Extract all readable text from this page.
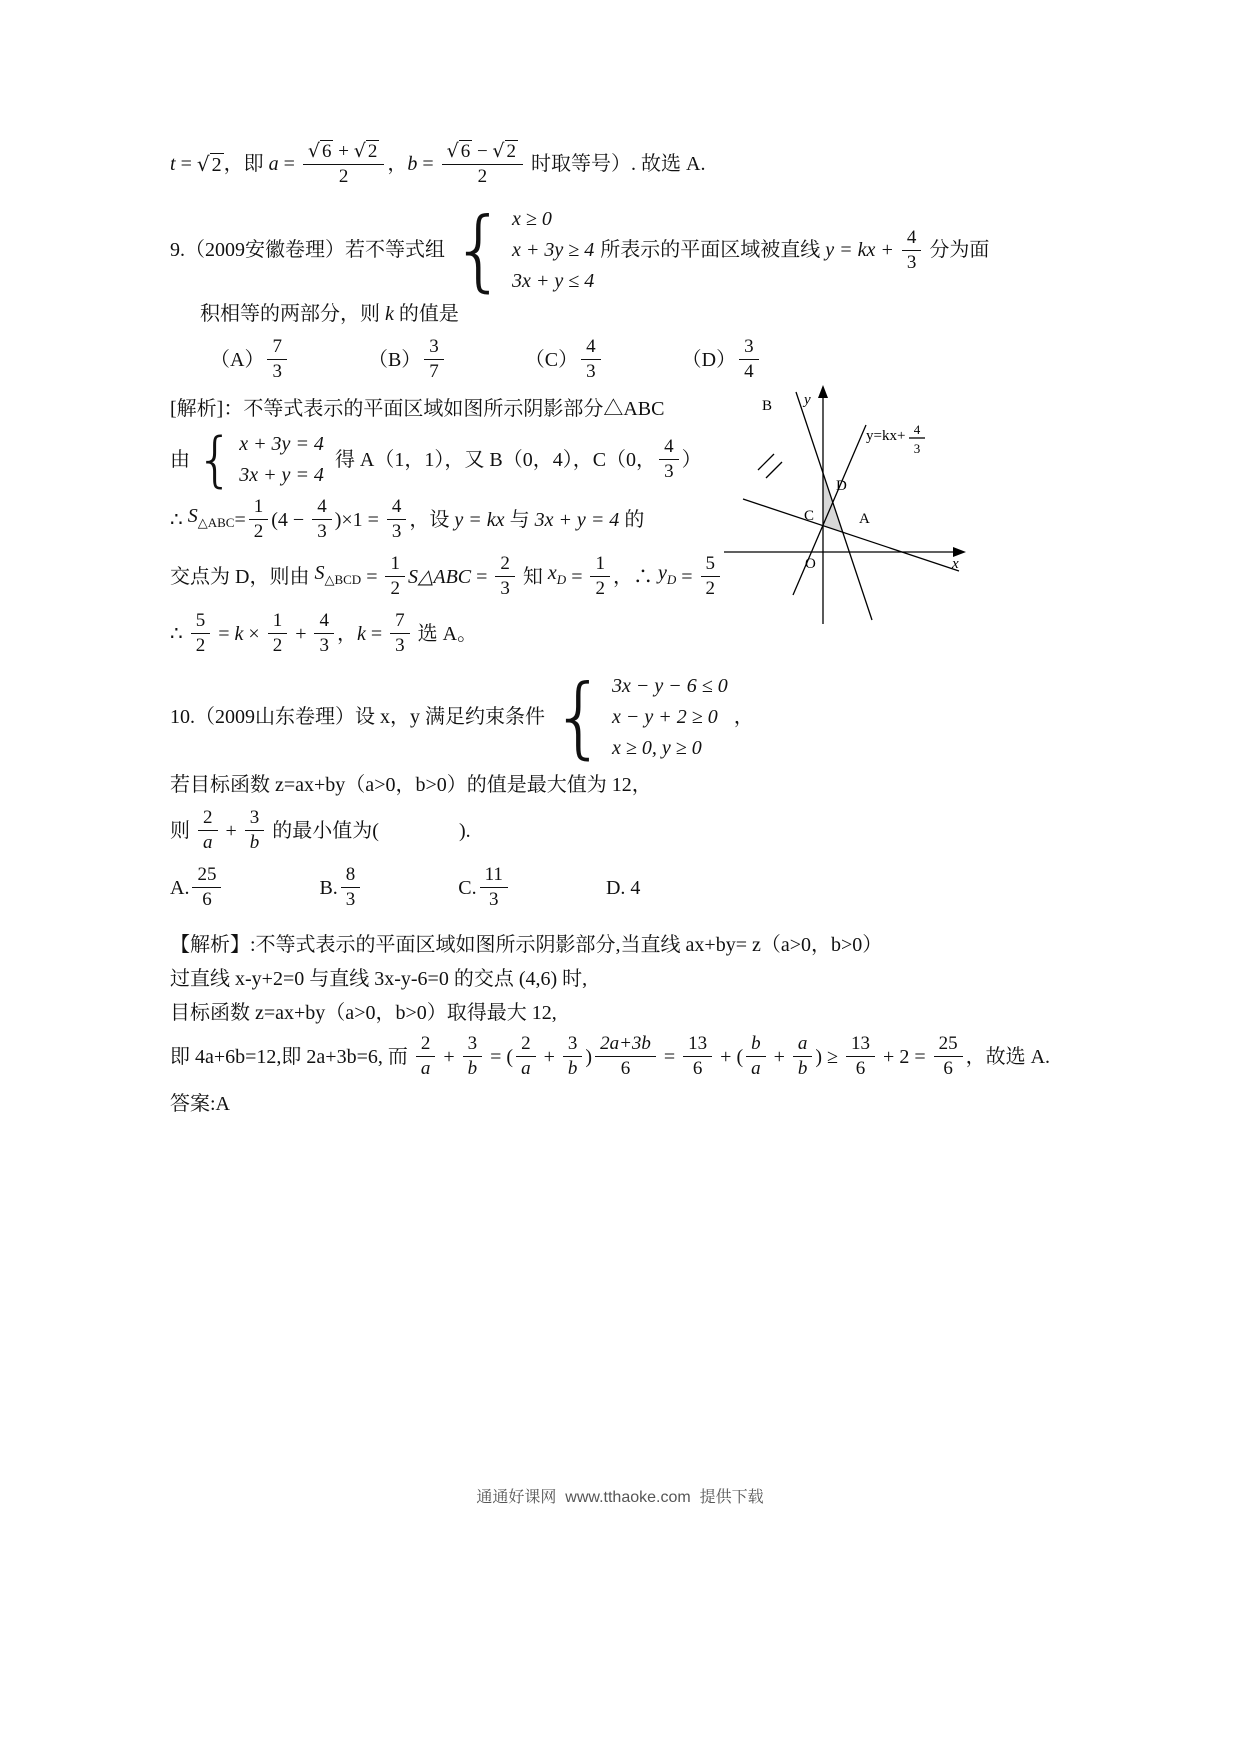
t = √ 2 ，即 $a = \frac{√ 6 + √ 2}{2}$ ， $b = \frac{√ 6 - √ 2}{2}$ 时取等号）. 故选 A.
9.（2009安徽卷理）若不等式组 { x ≥ 0
x + 3y ≥ 4
3x + y ≤ 4
所表示的平面区域被直线 y = kx + $\frac{4}{3}$ 分为面
积相等的两部分，则 k 的值是
$(A) \frac{7}{3}$	$(B) \frac{3}{7}$	$(C) \frac{4}{3}$	$(D) \frac{3}{4}$
[解析]：不等式表示的平面区域如图所示阴影部分△ABC
由 { x + 3y = 4
3x + y = 4
得 A（1，1），又 B（0，4），C（0， $\frac{4}{3}$ ）
∴ $S_{\triangle ABC} = \frac{1}{2} (4 - \frac{4}{3} )\times 1 = \frac{4}{3}$ ，设 y = kx 与 3x + y = 4 的
交点为 D，则由 $S_{\triangle BCD} = \frac{1}{2}$ S△ABC = $\frac{2}{3}$ 知 $x_D = \frac{1}{2}$ ，∴ $y_D = \frac{5}{2}$
∴ $\frac{5}{2} = k \times \frac{1}{2} + \frac{4}{3}$ ， $k = \frac{7}{3}$ 选 A。
10.（2009山东卷理）设 x，y 满足约束条件 { 3x − y − 6 ≤ 0
x − y + 2 ≥ 0
x ≥ 0, y ≥ 0
，
若目标函数 z=ax+by（a>0，b>0）的值是最大值为 12，
则 $\frac{2}{a} + \frac{3}{b}$ 的最小值为(　　　　).
A. $\frac{25}{6}$	B. $\frac{8}{3}$	C. $\frac{11}{3}$	D. 4
【解析】:不等式表示的平面区域如图所示阴影部分,当直线 ax+by= z（a>0，b>0）
过直线 x-y+2=0 与直线 3x-y-6=0 的交点 (4,6) 时,
目标函数 z=ax+by（a>0，b>0）取得最大 12,
即 4a+6b=12,即 2a+3b=6, 而 $\frac{2}{a} + \frac{3}{b}$ = ( $\frac{2}{a} + \frac{3}{b}$ ) $\frac{2a+3b}{6} = \frac{13}{6}$ + ( $\frac{b}{a} + \frac{a}{b}$ ) ≥ $\frac{13}{6} + 2 = \frac{25}{6}$ ，故选 A.
答案:A
B y
y=kx+ 4
3
D
C	A
O	x
通通好课网  www.tthaoke.com  提供下载
